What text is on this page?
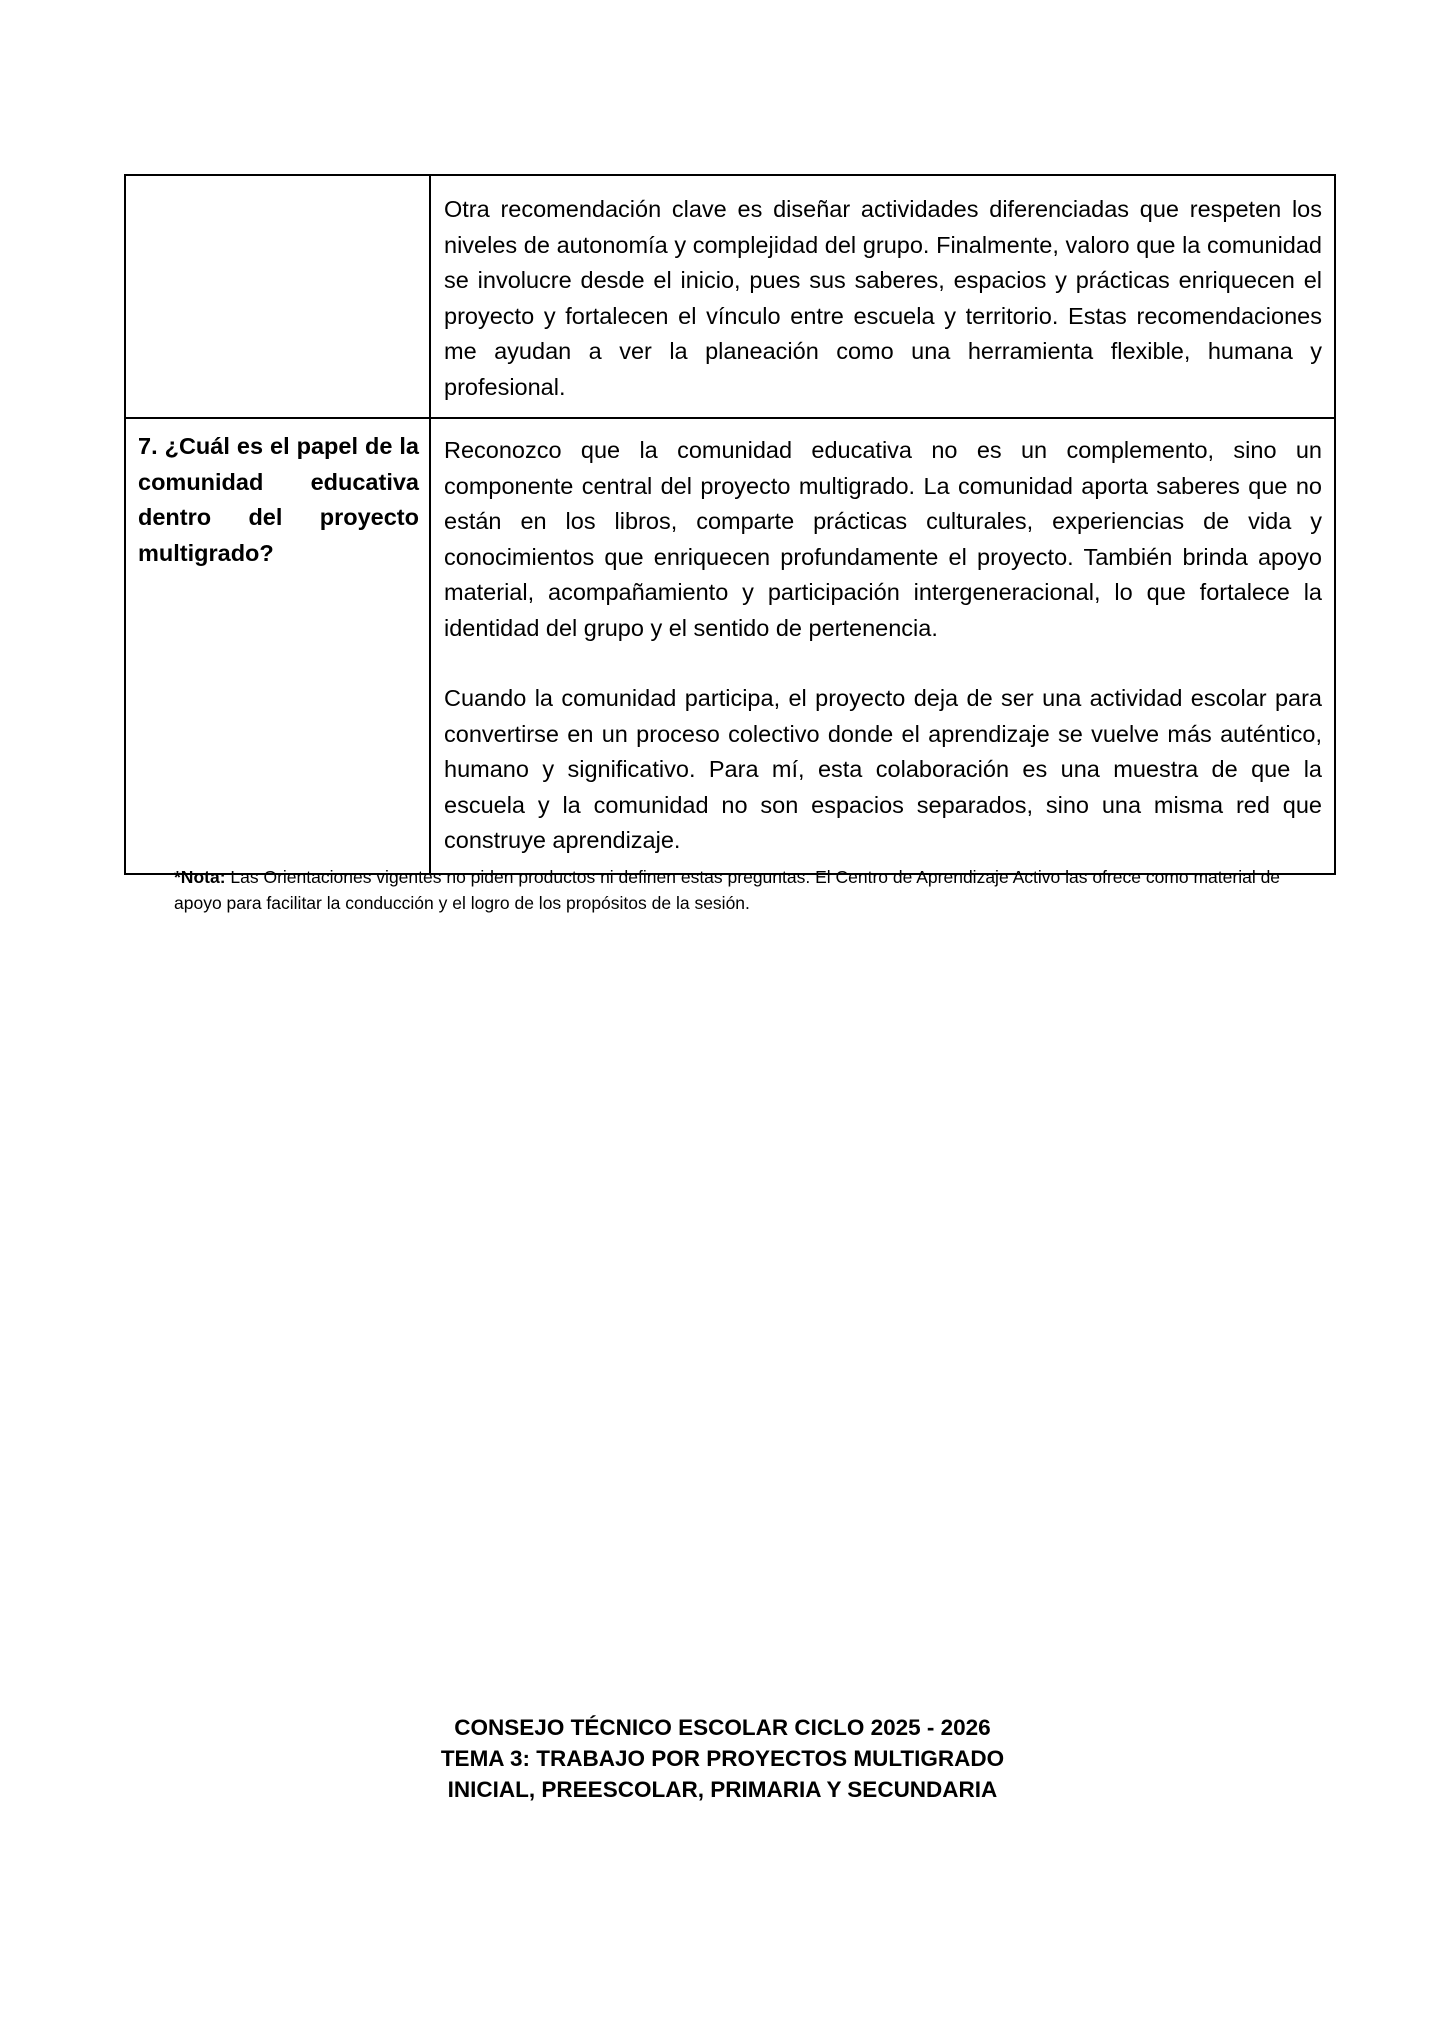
	Otra recomendación clave es diseñar actividades diferenciadas que respeten los niveles de autonomía y complejidad del grupo. Finalmente, valoro que la comunidad se involucre desde el inicio, pues sus saberes, espacios y prácticas enriquecen el proyecto y fortalecen el vínculo entre escuela y territorio. Estas recomendaciones me ayudan a ver la planeación como una herramienta flexible, humana y profesional.

7. ¿Cuál es el papel de la comunidad educativa dentro del proyecto multigrado?	Reconozco que la comunidad educativa no es un complemento, sino un componente central del proyecto multigrado. La comunidad aporta saberes que no están en los libros, comparte prácticas culturales, experiencias de vida y conocimientos que enriquecen profundamente el proyecto. También brinda apoyo material, acompañamiento y participación intergeneracional, lo que fortalece la identidad del grupo y el sentido de pertenencia.

Cuando la comunidad participa, el proyecto deja de ser una actividad escolar para convertirse en un proceso colectivo donde el aprendizaje se vuelve más auténtico, humano y significativo. Para mí, esta colaboración es una muestra de que la escuela y la comunidad no son espacios separados, sino una misma red que construye aprendizaje.

*Nota: Las Orientaciones vigentes no piden productos ni definen estas preguntas. El Centro de Aprendizaje Activo las ofrece como material de apoyo para facilitar la conducción y el logro de los propósitos de la sesión.

CONSEJO TÉCNICO ESCOLAR CICLO 2025 - 2026
TEMA 3: TRABAJO POR PROYECTOS MULTIGRADO
INICIAL, PREESCOLAR, PRIMARIA Y SECUNDARIA
